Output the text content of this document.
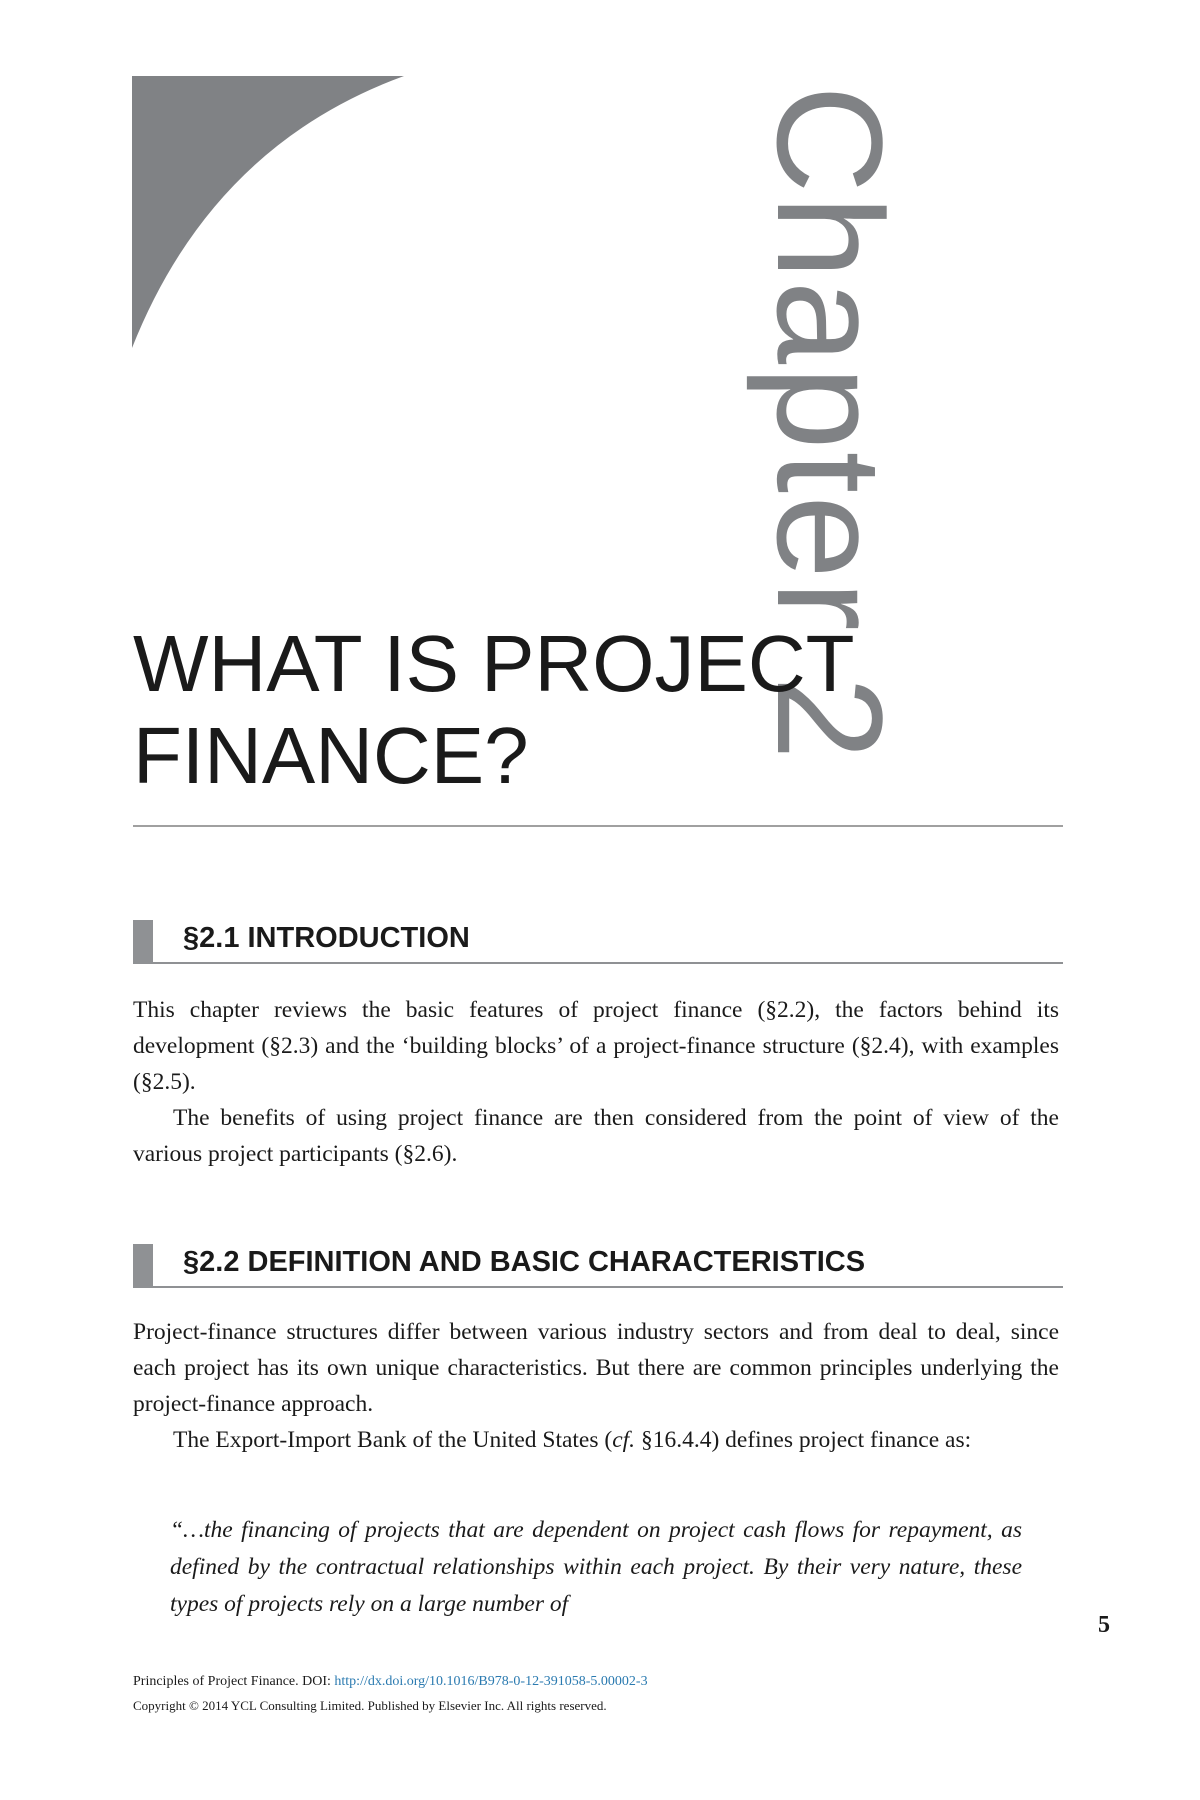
Chapter 2
WHAT IS PROJECT
FINANCE?
§2.1 INTRODUCTION

This chapter reviews the basic features of project finance (§2.2), the factors behind its development (§2.3) and the ‘building blocks’ of a project-finance structure (§2.4), with examples (§2.5).

The benefits of using project finance are then considered from the point of view of the various project participants (§2.6).

§2.2 DEFINITION AND BASIC CHARACTERISTICS

Project-finance structures differ between various industry sectors and from deal to deal, since each project has its own unique characteristics. But there are common principles underlying the project-finance approach.

The Export-Import Bank of the United States (cf. §16.4.4) defines project finance as:

“…the financing of projects that are dependent on project cash flows for repayment, as defined by the contractual relationships within each project. By their very nature, these types of projects rely on a large number of

5
Principles of Project Finance. DOI: http://dx.doi.org/10.1016/B978-0-12-391058-5.00002-3
Copyright © 2014 YCL Consulting Limited. Published by Elsevier Inc. All rights reserved.
